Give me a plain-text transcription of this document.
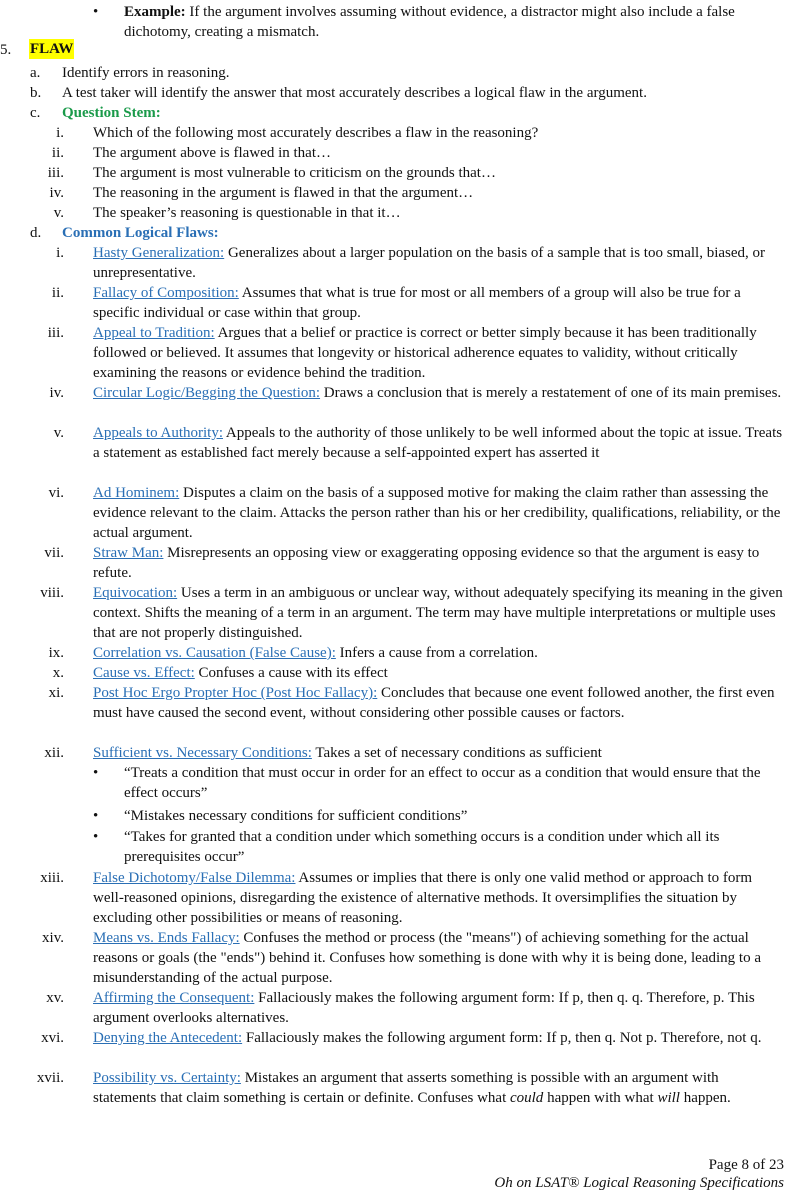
• Example: If the argument involves assuming without evidence, a distractor might also include a false dichotomy, creating a mismatch.
5. FLAW
a.	Identify errors in reasoning.
b.	A test taker will identify the answer that most accurately describes a logical flaw in the argument.
c.	Question Stem:
i. Which of the following most accurately describes a flaw in the reasoning?
ii. The argument above is flawed in that…
iii. The argument is most vulnerable to criticism on the grounds that…
iv. The reasoning in the argument is flawed in that the argument…
v. The speaker’s reasoning is questionable in that it…
d.	Common Logical Flaws:
i. Hasty Generalization: Generalizes about a larger population on the basis of a sample that is too small, biased, or unrepresentative.
ii. Fallacy of Composition: Assumes that what is true for most or all members of a group will also be true for a specific individual or case within that group.
iii. Appeal to Tradition: Argues that a belief or practice is correct or better simply because it has been traditionally followed or believed. It assumes that longevity or historical adherence equates to validity, without critically examining the reasons or evidence behind the tradition.
iv. Circular Logic/Begging the Question: Draws a conclusion that is merely a restatement of one of its main premises.
v. Appeals to Authority: Appeals to the authority of those unlikely to be well informed about the topic at issue. Treats a statement as established fact merely because a self-appointed expert has asserted it
vi. Ad Hominem: Disputes a claim on the basis of a supposed motive for making the claim rather than assessing the evidence relevant to the claim. Attacks the person rather than his or her credibility, qualifications, reliability, or the actual argument.
vii. Straw Man: Misrepresents an opposing view or exaggerating opposing evidence so that the argument is easy to refute.
viii. Equivocation: Uses a term in an ambiguous or unclear way, without adequately specifying its meaning in the given context. Shifts the meaning of a term in an argument. The term may have multiple interpretations or multiple uses that are not properly distinguished.
ix. Correlation vs. Causation (False Cause): Infers a cause from a correlation.
x. Cause vs. Effect: Confuses a cause with its effect
xi. Post Hoc Ergo Propter Hoc (Post Hoc Fallacy): Concludes that because one event followed another, the first even must have caused the second event, without considering other possible causes or factors.
xii. Sufficient vs. Necessary Conditions: Takes a set of necessary conditions as sufficient
• “Treats a condition that must occur in order for an effect to occur as a condition that would ensure that the effect occurs”
• “Mistakes necessary conditions for sufficient conditions”
• “Takes for granted that a condition under which something occurs is a condition under which all its prerequisites occur”
xiii. False Dichotomy/False Dilemma: Assumes or implies that there is only one valid method or approach to form well-reasoned opinions, disregarding the existence of alternative methods. It oversimplifies the situation by excluding other possibilities or means of reasoning.
xiv. Means vs. Ends Fallacy: Confuses the method or process (the "means") of achieving something for the actual reasons or goals (the "ends") behind it. Confuses how something is done with why it is being done, leading to a misunderstanding of the actual purpose.
xv. Affirming the Consequent: Fallaciously makes the following argument form: If p, then q. q. Therefore, p. This argument overlooks alternatives.
xvi. Denying the Antecedent: Fallaciously makes the following argument form: If p, then q. Not p. Therefore, not q.
xvii. Possibility vs. Certainty: Mistakes an argument that asserts something is possible with an argument with statements that claim something is certain or definite. Confuses what could happen with what will happen.
Page 8 of 23
Oh on LSAT® Logical Reasoning Specifications
